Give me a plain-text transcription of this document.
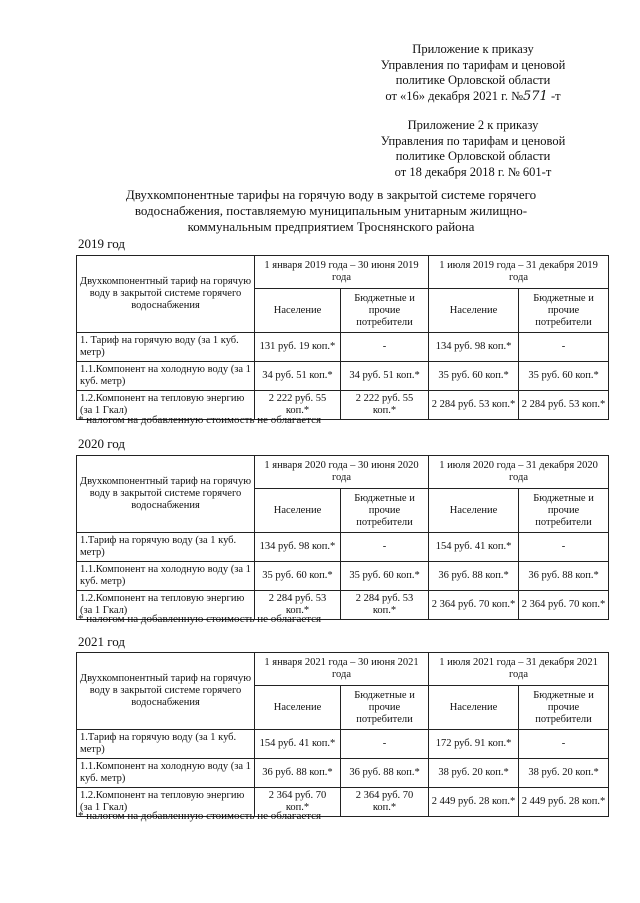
Приложение к приказу
Управления по тарифам и ценовой
политике Орловской области
от «16» декабря 2021 г. №571 -т
Приложение 2 к приказу
Управления по тарифам и ценовой
политике Орловской области
от 18 декабря 2018 г. № 601-т
Двухкомпонентные тарифы на горячую воду в закрытой системе горячего
водоснабжения, поставляемую муниципальным унитарным жилищно-
коммунальным предприятием Троснянского района
2019 год
Двухкомпонентный тариф на горячую воду в закрытой системе горячего водоснабжения	1 января 2019 года – 30 июня 2019 года		1 июля 2019 года – 31 декабря 2019 года	
	Население	Бюджетные и прочие потребители	Население	Бюджетные и прочие потребители
1. Тариф на горячую воду (за 1 куб. метр)	131 руб. 19 коп.*	-	134 руб. 98 коп.*	-
1.1.Компонент на холодную воду (за 1 куб. метр)	34 руб. 51 коп.*	34 руб. 51 коп.*	35 руб. 60 коп.*	35 руб. 60 коп.*
1.2.Компонент на тепловую энергию (за 1 Гкал)	2 222 руб. 55 коп.*	2 222 руб. 55 коп.*	2 284 руб. 53 коп.*	2 284 руб. 53 коп.*
* налогом на добавленную стоимость не облагается
2020 год
Двухкомпонентный тариф на горячую воду в закрытой системе горячего водоснабжения	1 января 2020 года – 30 июня 2020 года		1 июля 2020 года – 31 декабря 2020 года	
	Население	Бюджетные и прочие потребители	Население	Бюджетные и прочие потребители
1.Тариф на горячую воду (за 1 куб. метр)	134 руб. 98 коп.*	-	154 руб. 41 коп.*	-
1.1.Компонент на холодную воду (за 1 куб. метр)	35 руб. 60 коп.*	35 руб. 60 коп.*	36 руб. 88 коп.*	36 руб. 88 коп.*
1.2.Компонент на тепловую энергию (за 1 Гкал)	2 284 руб. 53 коп.*	2 284 руб. 53 коп.*	2 364 руб. 70 коп.*	2 364 руб. 70 коп.*
* налогом на добавленную стоимость не облагается
2021 год
Двухкомпонентный тариф на горячую воду в закрытой системе горячего водоснабжения	1 января 2021 года – 30 июня 2021 года		1 июля 2021 года – 31 декабря 2021 года	
	Население	Бюджетные и прочие потребители	Население	Бюджетные и прочие потребители
1.Тариф на горячую воду (за 1 куб. метр)	154 руб. 41 коп.*	-	172 руб. 91 коп.*	-
1.1.Компонент на холодную воду (за 1 куб. метр)	36 руб. 88 коп.*	36 руб. 88 коп.*	38 руб. 20 коп.*	38 руб. 20 коп.*
1.2.Компонент на тепловую энергию (за 1 Гкал)	2 364 руб. 70 коп.*	2 364 руб. 70 коп.*	2 449 руб. 28 коп.*	2 449 руб. 28 коп.*
* налогом на добавленную стоимость не облагается
